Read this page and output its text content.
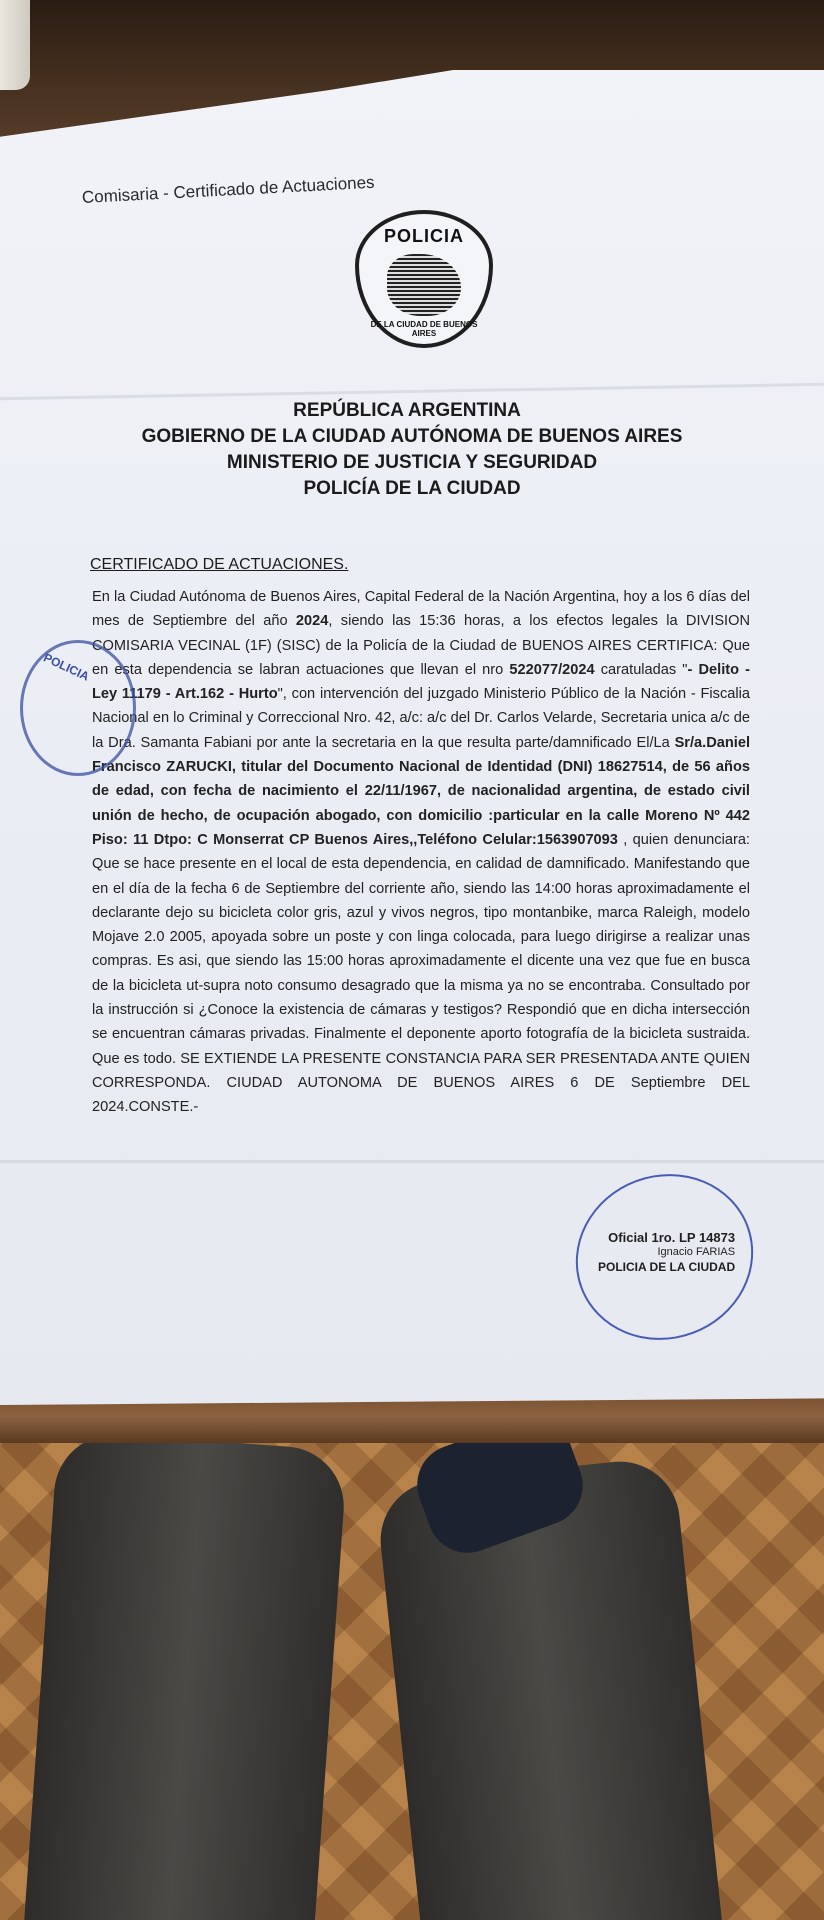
Comisaria - Certificado de Actuaciones
POLICIA
DE LA CIUDAD DE BUENOS AIRES
REPÚBLICA ARGENTINA
GOBIERNO DE LA CIUDAD AUTÓNOMA DE BUENOS AIRES
MINISTERIO DE JUSTICIA Y SEGURIDAD
POLICÍA DE LA CIUDAD
CERTIFICADO DE ACTUACIONES.
En la Ciudad Autónoma de Buenos Aires, Capital Federal de la Nación Argentina, hoy a los 6 días del mes de Septiembre del año 2024, siendo las 15:36 horas, a los efectos legales la DIVISION COMISARIA VECINAL (1F) (SISC) de la Policía de la Ciudad de BUENOS AIRES CERTIFICA: Que en esta dependencia se labran actuaciones que llevan el nro 522077/2024 caratuladas "- Delito - Ley 11179 - Art.162 - Hurto", con intervención del juzgado Ministerio Público de la Nación - Fiscalia Nacional en lo Criminal y Correccional Nro. 42, a/c: a/c del Dr. Carlos Velarde, Secretaria unica a/c de la Dra. Samanta Fabiani por ante la secretaria en la que resulta parte/damnificado El/La Sr/a.Daniel Francisco ZARUCKI, titular del Documento Nacional de Identidad (DNI) 18627514, de 56 años de edad, con fecha de nacimiento el 22/11/1967, de nacionalidad argentina, de estado civil unión de hecho, de ocupación abogado, con domicilio :particular en la calle Moreno Nº 442 Piso: 11 Dtpo: C Monserrat CP Buenos Aires,,Teléfono Celular:1563907093 , quien denunciara: Que se hace presente en el local de esta dependencia, en calidad de damnificado. Manifestando que en el día de la fecha 6 de Septiembre del corriente año, siendo las 14:00 horas aproximadamente el declarante dejo su bicicleta color gris, azul y vivos negros, tipo montanbike, marca Raleigh, modelo Mojave 2.0 2005, apoyada sobre un poste y con linga colocada, para luego dirigirse a realizar unas compras. Es asi, que siendo las 15:00 horas aproximadamente el dicente una vez que fue en busca de la bicicleta ut-supra noto consumo desagrado que la misma ya no se encontraba. Consultado por la instrucción si ¿Conoce la existencia de cámaras y testigos? Respondió que en dicha intersección se encuentran cámaras privadas. Finalmente el deponente aporto fotografía de la bicicleta sustraida. Que es todo. SE EXTIENDE LA PRESENTE CONSTANCIA PARA SER PRESENTADA ANTE QUIEN CORRESPONDA. CIUDAD AUTONOMA DE BUENOS AIRES 6 DE Septiembre DEL 2024.CONSTE.-
POLICIA
Oficial 1ro. LP 14873
Ignacio FARIAS
POLICIA DE LA CIUDAD
